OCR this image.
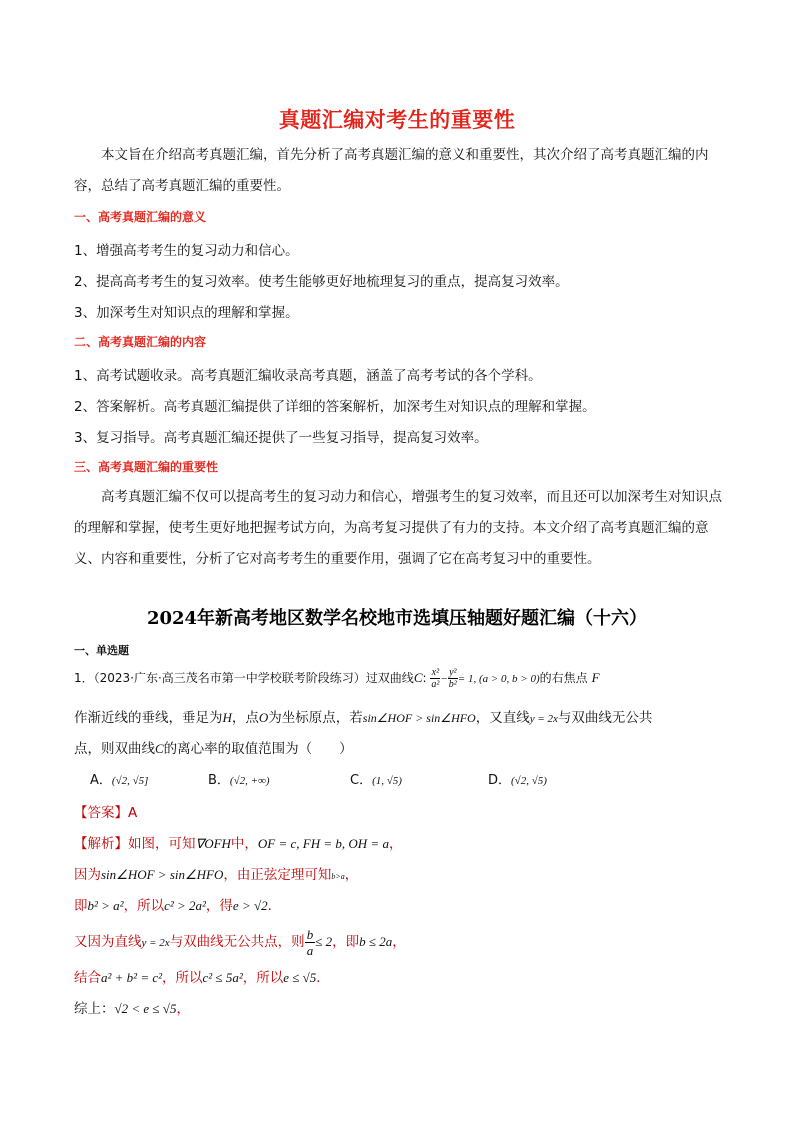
真题汇编对考生的重要性
本文旨在介绍高考真题汇编，首先分析了高考真题汇编的意义和重要性，其次介绍了高考真题汇编的内容，总结了高考真题汇编的重要性。
一、高考真题汇编的意义
1、增强高考考生的复习动力和信心。
2、提高高考考生的复习效率。使考生能够更好地梳理复习的重点，提高复习效率。
3、加深考生对知识点的理解和掌握。
二、高考真题汇编的内容
1、高考试题收录。高考真题汇编收录高考真题，涵盖了高考考试的各个学科。
2、答案解析。高考真题汇编提供了详细的答案解析，加深考生对知识点的理解和掌握。
3、复习指导。高考真题汇编还提供了一些复习指导，提高复习效率。
三、高考真题汇编的重要性
高考真题汇编不仅可以提高考生的复习动力和信心，增强考生的复习效率，而且还可以加深考生对知识点的理解和掌握，使考生更好地把握考试方向，为高考复习提供了有力的支持。本文介绍了高考真题汇编的意义、内容和重要性，分析了它对高考考生的重要作用，强调了它在高考复习中的重要性。
2024年新高考地区数学名校地市选填压轴题好题汇编（十六）
一、单选题
1．（2023·广东·高三茂名市第一中学校联考阶段练习）过双曲线C: $\frac{\text{x²}}{\text{a²}} - \frac{\text{y²}}{\text{b²}} = 1$, (a > 0, b > 0)的右焦点 F
作渐近线的垂线，垂足为H，点O为坐标原点，若sin∠HOF > sin∠HFO，又直线y = 2x与双曲线无公共
点，则双曲线C的离心率的取值范围为（　　）
A．(√2, √5]	B．(√2, +∞)	C．(1, √5)	D．(√2, √5)
【答案】A
【解析】如图，可知∇OFH中，OF = c, FH = b, OH = a，
因为sin∠HOF > sin∠HFO，由正弦定理可知b>a，
即b² > a²，所以c² > 2a²，得e > √2．
又因为直线y = 2x与双曲线无公共点，则 $\frac{b}{a} \le 2$，即b ≤ 2a，
结合a² + b² = c²，所以c² ≤ 5a²，所以e ≤ √5．
综上：√2 < e ≤ √5，
